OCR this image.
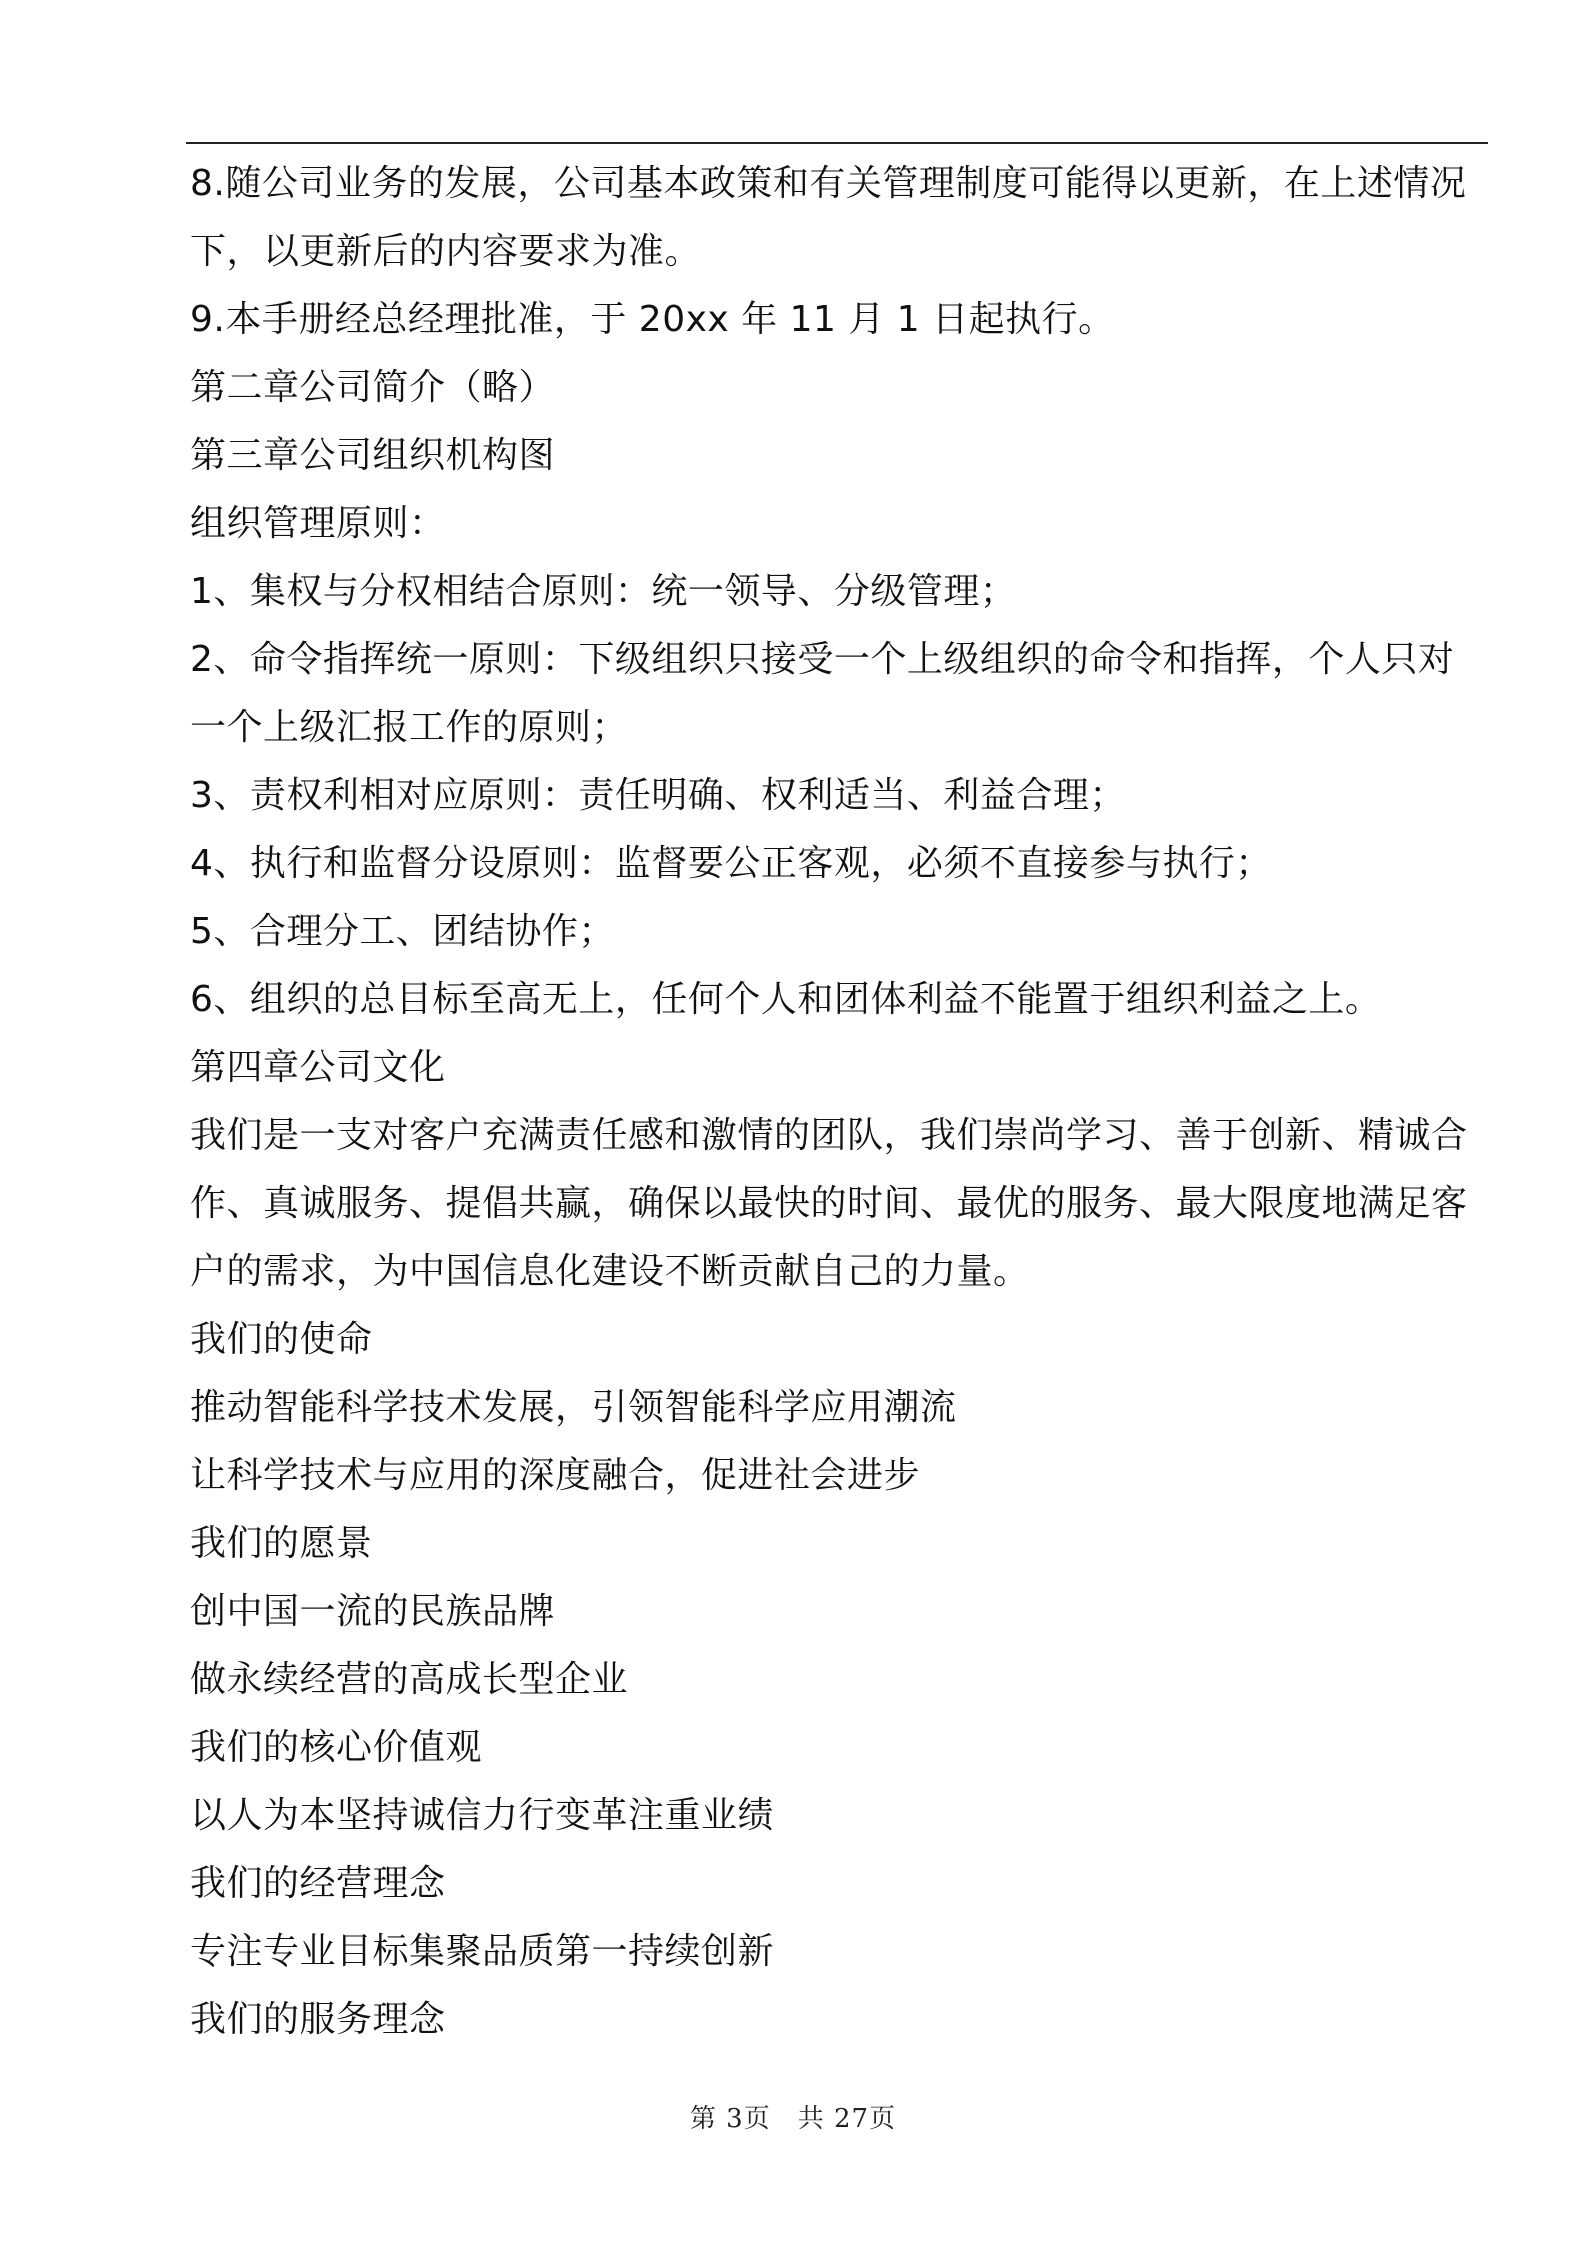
8.随公司业务的发展，公司基本政策和有关管理制度可能得以更新，在上述情况下，以更新后的内容要求为准。

9.本手册经总经理批准，于 20xx 年 11 月 1 日起执行。

第二章公司简介（略）

第三章公司组织机构图

组织管理原则：

1、集权与分权相结合原则：统一领导、分级管理；

2、命令指挥统一原则：下级组织只接受一个上级组织的命令和指挥，个人只对一个上级汇报工作的原则；

3、责权利相对应原则：责任明确、权利适当、利益合理；

4、执行和监督分设原则：监督要公正客观，必须不直接参与执行；

5、合理分工、团结协作；

6、组织的总目标至高无上，任何个人和团体利益不能置于组织利益之上。

第四章公司文化

我们是一支对客户充满责任感和激情的团队，我们崇尚学习、善于创新、精诚合作、真诚服务、提倡共赢，确保以最快的时间、最优的服务、最大限度地满足客户的需求，为中国信息化建设不断贡献自己的力量。

我们的使命

推动智能科学技术发展，引领智能科学应用潮流

让科学技术与应用的深度融合，促进社会进步

我们的愿景

创中国一流的民族品牌

做永续经营的高成长型企业

我们的核心价值观

以人为本坚持诚信力行变革注重业绩

我们的经营理念

专注专业目标集聚品质第一持续创新

我们的服务理念

第 3页　共 27页
